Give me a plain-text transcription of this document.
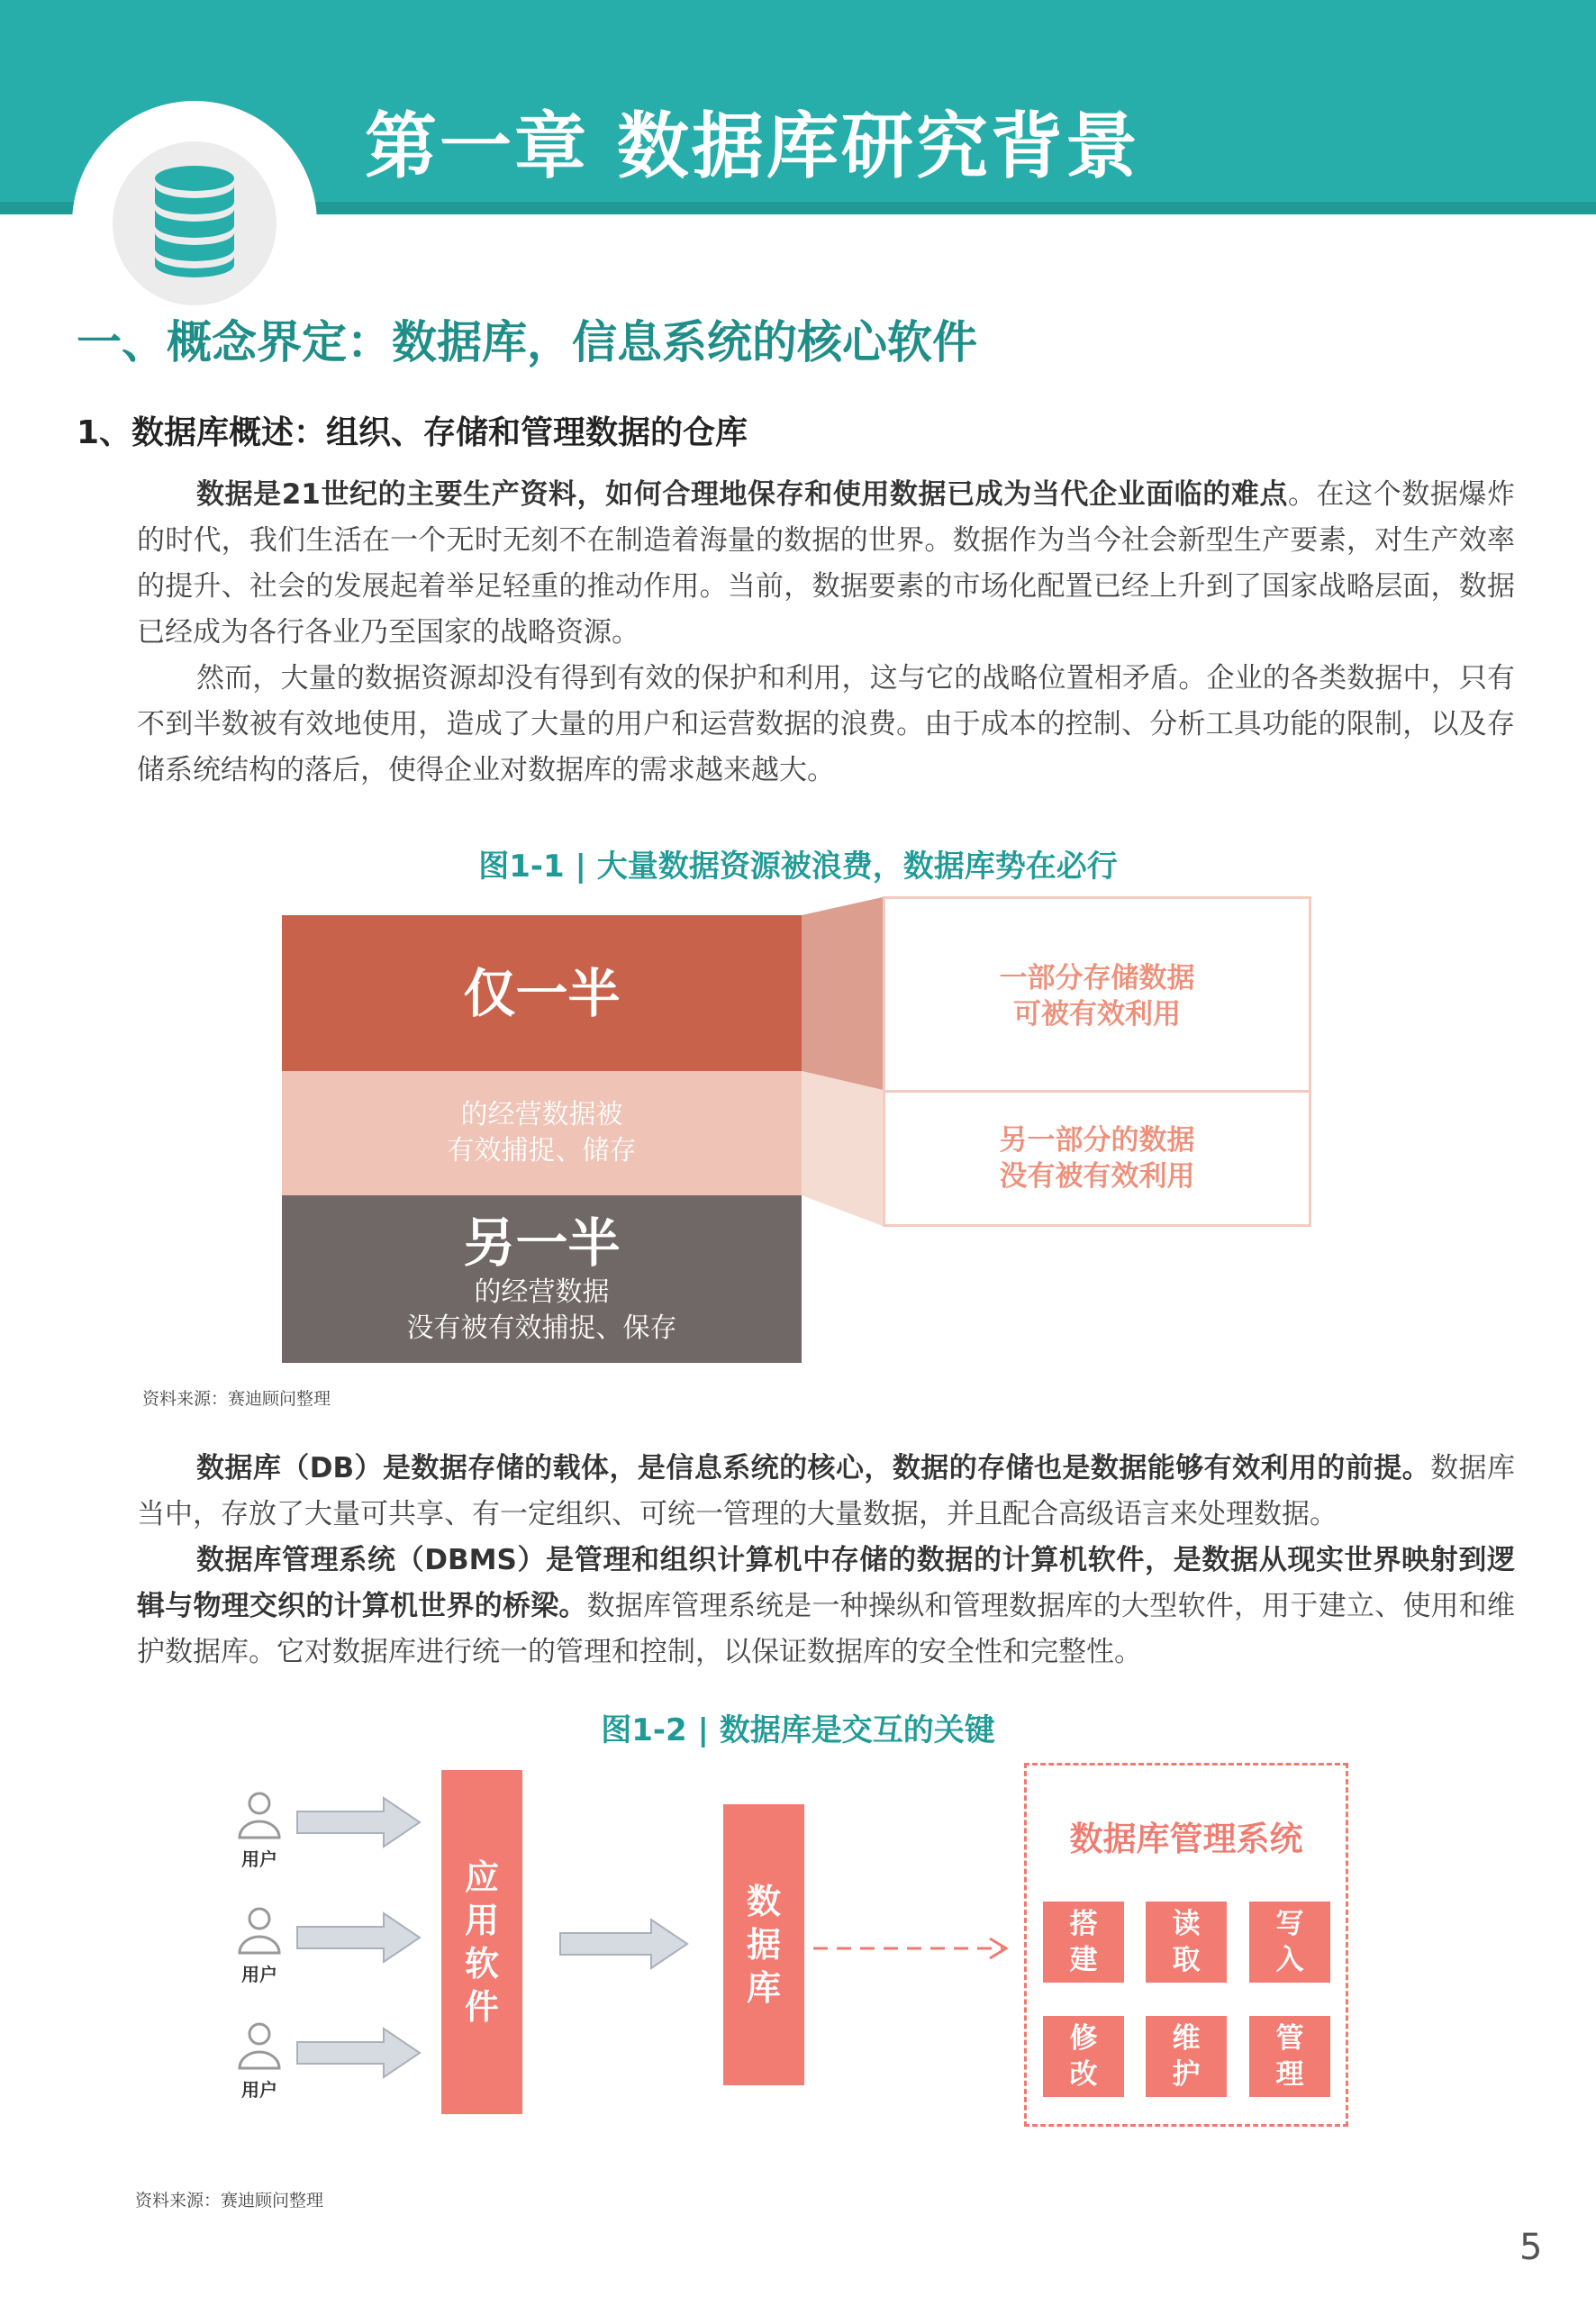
第一章 数据库研究背景
一、概念界定：数据库，信息系统的核心软件
1、数据库概述：组织、存储和管理数据的仓库
数据是21世纪的主要生产资料，如何合理地保存和使用数据已成为当代企业面临的难点。在这个数据爆炸的时代，我们生活在一个无时无刻不在制造着海量的数据的世界。数据作为当今社会新型生产要素，对生产效率的提升、社会的发展起着举足轻重的推动作用。当前，数据要素的市场化配置已经上升到了国家战略层面，数据已经成为各行各业乃至国家的战略资源。
然而，大量的数据资源却没有得到有效的保护和利用，这与它的战略位置相矛盾。企业的各类数据中，只有不到半数被有效地使用，造成了大量的用户和运营数据的浪费。由于成本的控制、分析工具功能的限制，以及存储系统结构的落后，使得企业对数据库的需求越来越大。
图1-1 | 大量数据资源被浪费，数据库势在必行
仅一半
的经营数据被
有效捕捉、储存
另一半
的经营数据
没有被有效捕捉、保存
一部分存储数据
可被有效利用
另一部分的数据
没有被有效利用
资料来源：赛迪顾问整理
数据库（DB）是数据存储的载体，是信息系统的核心，数据的存储也是数据能够有效利用的前提。数据库当中，存放了大量可共享、有一定组织、可统一管理的大量数据，并且配合高级语言来处理数据。
数据库管理系统（DBMS）是管理和组织计算机中存储的数据的计算机软件，是数据从现实世界映射到逻辑与物理交织的计算机世界的桥梁。数据库管理系统是一种操纵和管理数据库的大型软件，用于建立、使用和维护数据库。它对数据库进行统一的管理和控制，以保证数据库的安全性和完整性。
图1-2 | 数据库是交互的关键
用户
用户
用户
应
用
软
件
数
据
库
数据库管理系统
搭
建
读
取
写
入
修
改
维
护
管
理
资料来源：赛迪顾问整理
5
